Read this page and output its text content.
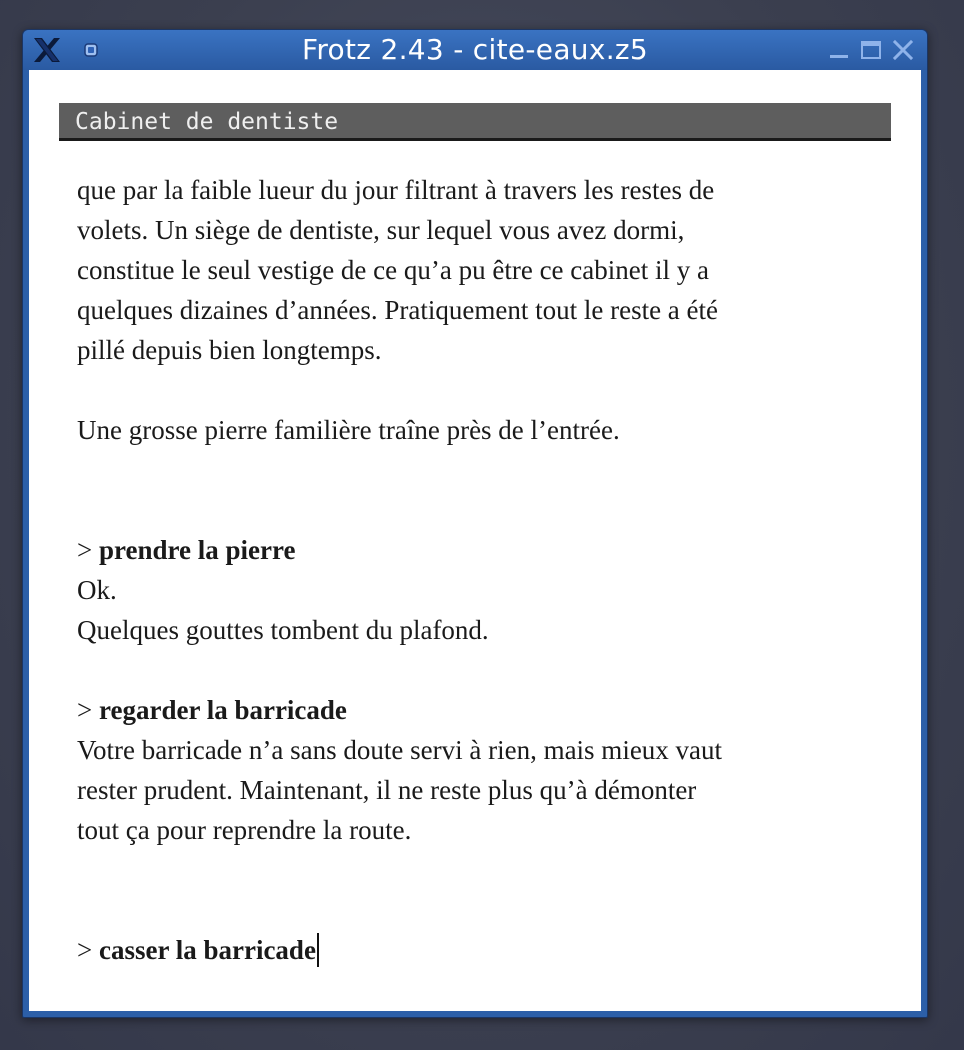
Frotz 2.43 - cite-eaux.z5
Cabinet de dentiste
que par la faible lueur du jour filtrant à travers les restes de
volets. Un siège de dentiste, sur lequel vous avez dormi,
constitue le seul vestige de ce qu’a pu être ce cabinet il y a
quelques dizaines d’années. Pratiquement tout le reste a été
pillé depuis bien longtemps.
Une grosse pierre familière traîne près de l’entrée.
> prendre la pierre
Ok.
Quelques gouttes tombent du plafond.
> regarder la barricade
Votre barricade n’a sans doute servi à rien, mais mieux vaut
rester prudent. Maintenant, il ne reste plus qu’à démonter
tout ça pour reprendre la route.
> casser la barricade
